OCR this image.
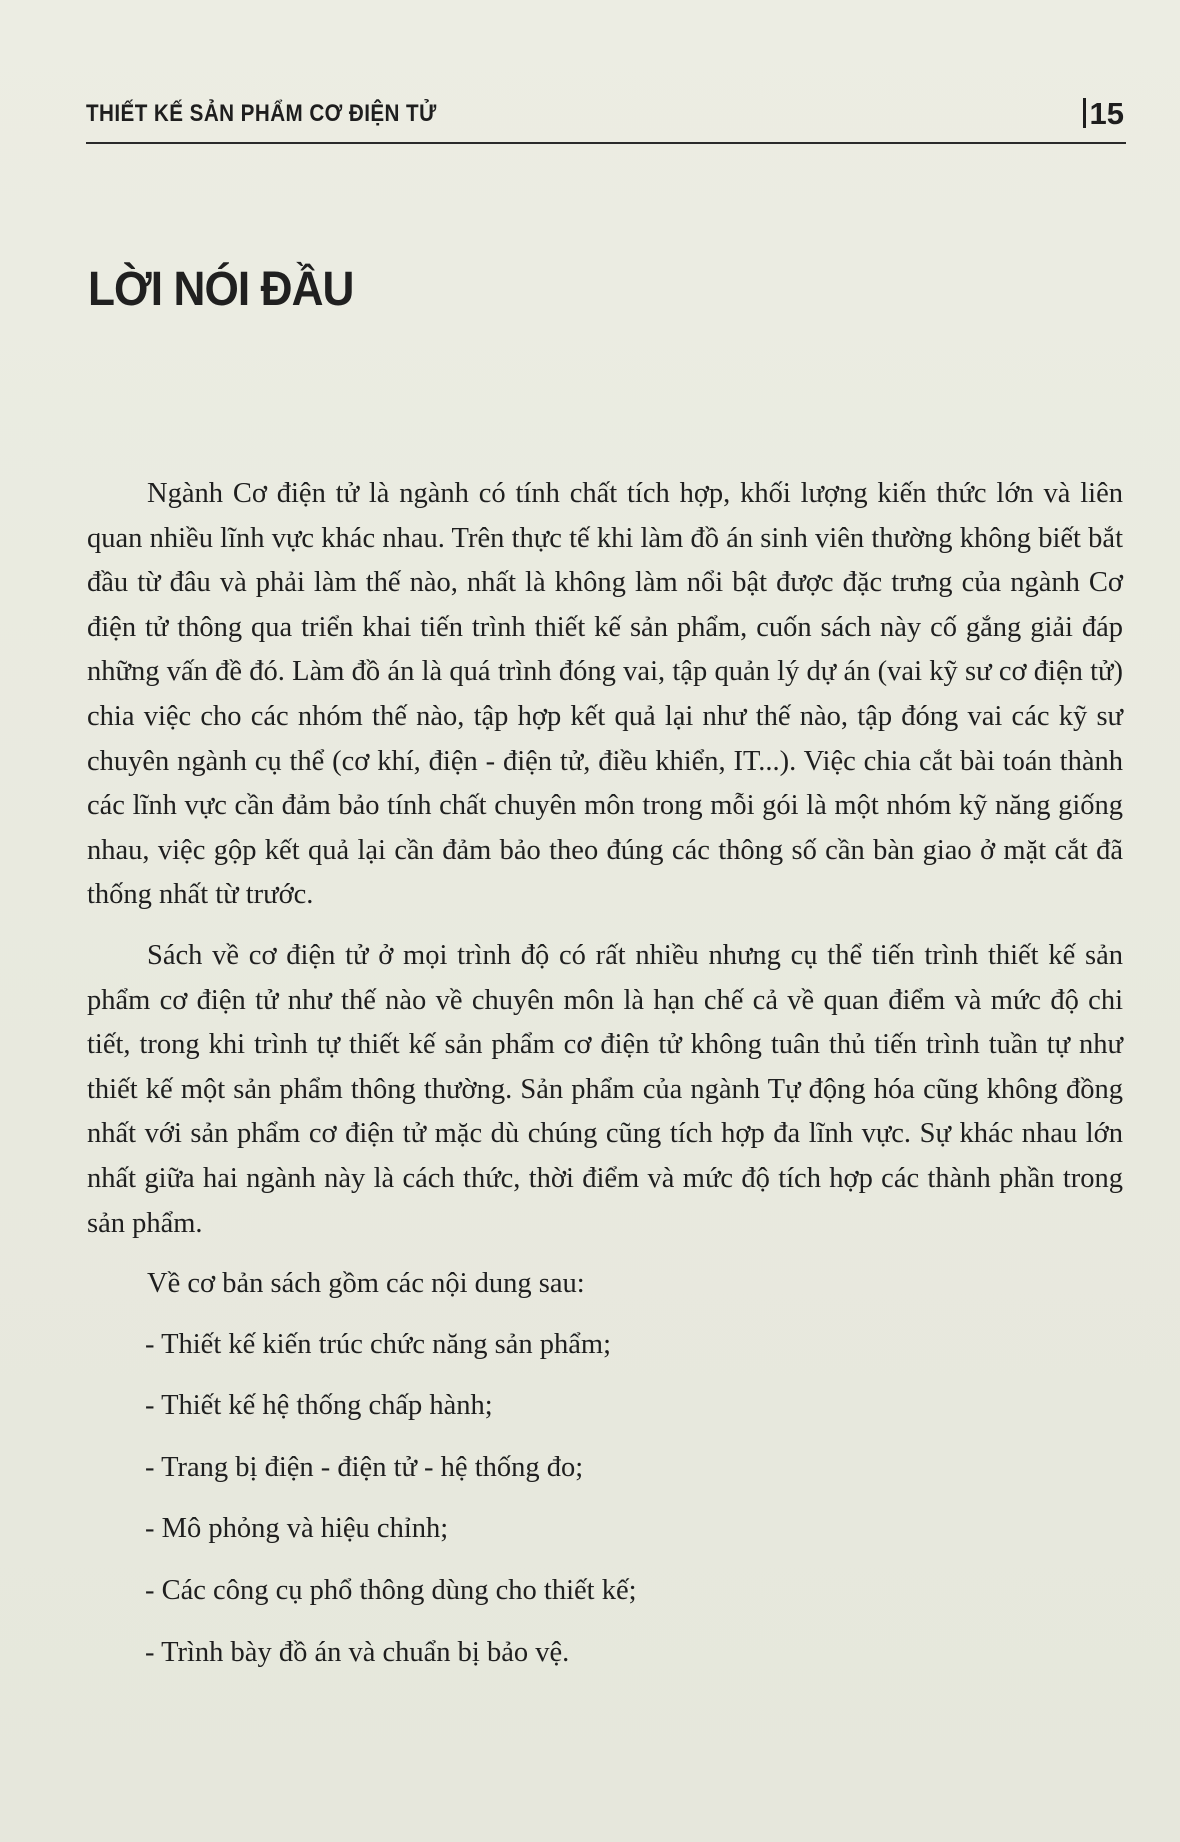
THIẾT KẾ SẢN PHẨM CƠ ĐIỆN TỬ	15
LỜI NÓI ĐẦU

Ngành Cơ điện tử là ngành có tính chất tích hợp, khối lượng kiến thức lớn và liên quan nhiều lĩnh vực khác nhau. Trên thực tế khi làm đồ án sinh viên thường không biết bắt đầu từ đâu và phải làm thế nào, nhất là không làm nổi bật được đặc trưng của ngành Cơ điện tử thông qua triển khai tiến trình thiết kế sản phẩm, cuốn sách này cố gắng giải đáp những vấn đề đó. Làm đồ án là quá trình đóng vai, tập quản lý dự án (vai kỹ sư cơ điện tử) chia việc cho các nhóm thế nào, tập hợp kết quả lại như thế nào, tập đóng vai các kỹ sư chuyên ngành cụ thể (cơ khí, điện - điện tử, điều khiển, IT...). Việc chia cắt bài toán thành các lĩnh vực cần đảm bảo tính chất chuyên môn trong mỗi gói là một nhóm kỹ năng giống nhau, việc gộp kết quả lại cần đảm bảo theo đúng các thông số cần bàn giao ở mặt cắt đã thống nhất từ trước.

Sách về cơ điện tử ở mọi trình độ có rất nhiều nhưng cụ thể tiến trình thiết kế sản phẩm cơ điện tử như thế nào về chuyên môn là hạn chế cả về quan điểm và mức độ chi tiết, trong khi trình tự thiết kế sản phẩm cơ điện tử không tuân thủ tiến trình tuần tự như thiết kế một sản phẩm thông thường. Sản phẩm của ngành Tự động hóa cũng không đồng nhất với sản phẩm cơ điện tử mặc dù chúng cũng tích hợp đa lĩnh vực. Sự khác nhau lớn nhất giữa hai ngành này là cách thức, thời điểm và mức độ tích hợp các thành phần trong sản phẩm.

Về cơ bản sách gồm các nội dung sau:

- Thiết kế kiến trúc chức năng sản phẩm;
- Thiết kế hệ thống chấp hành;
- Trang bị điện - điện tử - hệ thống đo;
- Mô phỏng và hiệu chỉnh;
- Các công cụ phổ thông dùng cho thiết kế;
- Trình bày đồ án và chuẩn bị bảo vệ.
